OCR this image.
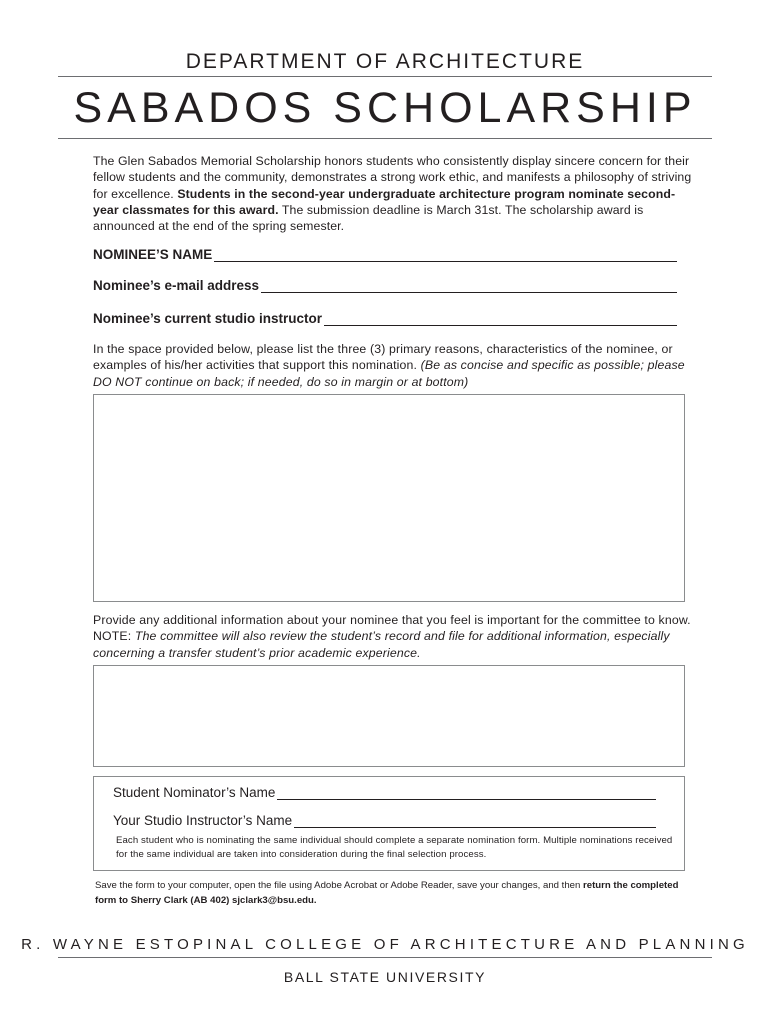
DEPARTMENT OF ARCHITECTURE
SABADOS SCHOLARSHIP
The Glen Sabados Memorial Scholarship honors students who consistently display sincere concern for their fellow students and the community, demonstrates a strong work ethic, and manifests a philosophy of striving for excellence. Students in the second-year undergraduate architecture program nominate second-year classmates for this award. The submission deadline is March 31st. The scholarship award is announced at the end of the spring semester.
NOMINEE’S NAME
Nominee’s e-mail address
Nominee’s current studio instructor
In the space provided below, please list the three (3) primary reasons, characteristics of the nominee, or examples of his/her activities that support this nomination. (Be as concise and specific as possible; please DO NOT continue on back; if needed, do so in margin or at bottom)
Provide any additional information about your nominee that you feel is important for the committee to know. NOTE: The committee will also review the student’s record and file for additional information, especially concerning a transfer student’s prior academic experience.
Student Nominator’s Name
Your Studio Instructor’s Name
Each student who is nominating the same individual should complete a separate nomination form. Multiple nominations received for the same individual are taken into consideration during the final selection process.
Save the form to your computer, open the file using Adobe Acrobat or Adobe Reader, save your changes, and then return the completed form to Sherry Clark (AB 402) sjclark3@bsu.edu.
R. WAYNE ESTOPINAL COLLEGE OF ARCHITECTURE AND PLANNING
BALL STATE UNIVERSITY
